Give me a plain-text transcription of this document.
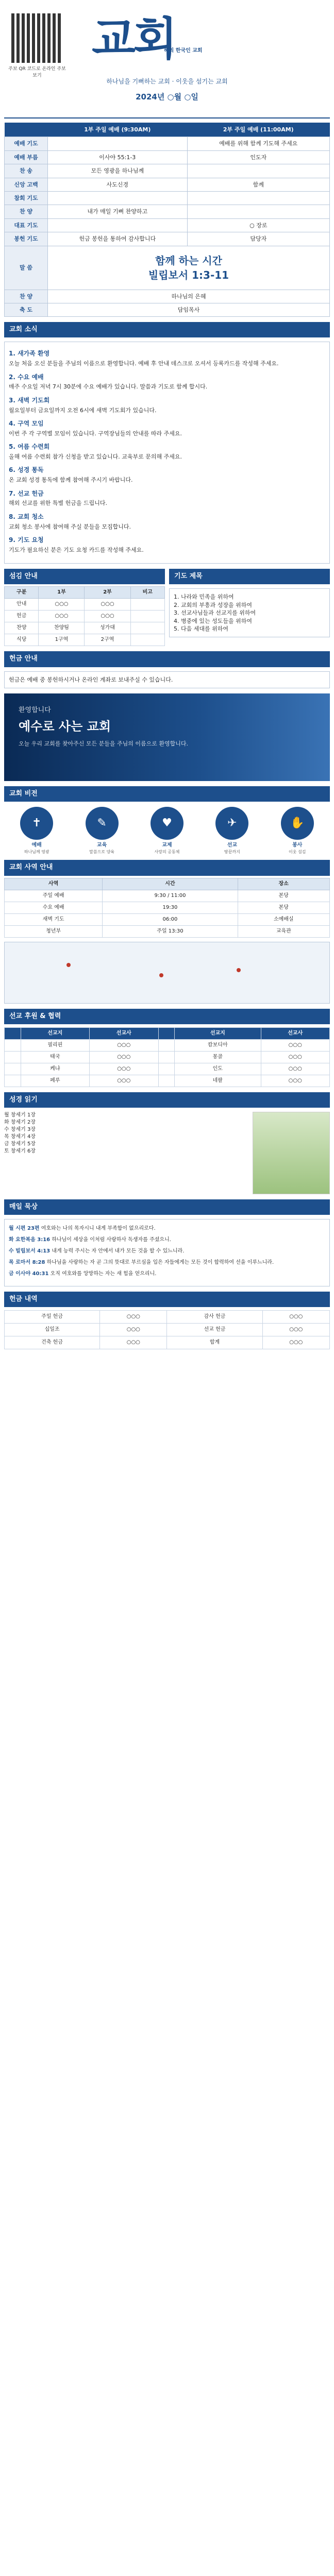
주보 QR 코드로 온라인 주보 보기
교회
해외 한국인 교회
하나님을 기뻐하는 교회 · 이웃을 섬기는 교회
2024년 ○월 ○일
	1부 주일 예배 (9:30AM)	2부 주일 예배 (11:00AM)
예배 기도		예배를 위해 함께 기도해 주세요
예배 부름	이사야 55:1-3	인도자
찬 송	모든 영광을 하나님께	
신앙 고백	사도신경	함께
참회 기도		
찬 양	내가 매일 기뻐 찬양하고	
대표 기도		○ 장로
봉헌 기도	헌금 봉헌을 통하여 감사합니다	담당자
말 씀	함께 하는 시간
빌립보서 1:3-11	

찬 양	하나님의 은혜	
축 도	담임목사	
교회 소식
1. 새가족 환영

오늘 처음 오신 분들을 주님의 이름으로 환영합니다. 예배 후 안내 데스크로 오셔서 등록카드를 작성해 주세요.

2. 수요 예배

매주 수요일 저녁 7시 30분에 수요 예배가 있습니다. 말씀과 기도로 함께 합시다.

3. 새벽 기도회

월요일부터 금요일까지 오전 6시에 새벽 기도회가 있습니다.

4. 구역 모임

이번 주 각 구역별 모임이 있습니다. 구역장님들의 안내를 따라 주세요.

5. 여름 수련회

올해 여름 수련회 참가 신청을 받고 있습니다. 교육부로 문의해 주세요.

6. 성경 통독

온 교회 성경 통독에 함께 참여해 주시기 바랍니다.

7. 선교 헌금

해외 선교를 위한 특별 헌금을 드립니다.

8. 교회 청소

교회 청소 봉사에 참여해 주실 분들을 모집합니다.

9. 기도 요청

기도가 필요하신 분은 기도 요청 카드를 작성해 주세요.

섬김 안내
구분	1부	2부	비고
안내	○○○	○○○	
헌금	○○○	○○○	
찬양	찬양팀	성가대	
식당	1구역	2구역	
기도 제목
1. 나라와 민족을 위하여
2. 교회의 부흥과 성장을 위하여
3. 선교사님들과 선교지를 위하여
4. 병중에 있는 성도들을 위하여
5. 다음 세대를 위하여
헌금 안내
헌금은 예배 중 봉헌하시거나 온라인 계좌로 보내주실 수 있습니다.
환영합니다
예수로 사는 교회
오늘 우리 교회를 찾아주신 모든 분들을 주님의 이름으로 환영합니다.
교회 비전
✝
예배
하나님께 영광
✎
교육
말씀으로 양육
♥
교제
사랑의 공동체
✈
선교
땅끝까지
✋
봉사
이웃 섬김
교회 사역 안내
사역	시간	장소
주일 예배	9:30 / 11:00	본당
수요 예배	19:30	본당
새벽 기도	06:00	소예배실
청년부	주일 13:30	교육관
선교 후원 & 협력
	선교지	선교사		선교지	선교사
	필리핀	○○○		캄보디아	○○○
	태국	○○○		몽골	○○○
	케냐	○○○		인도	○○○
	페루	○○○		네팔	○○○
성경 읽기
월 창세기 1장
화 창세기 2장
수 창세기 3장
목 창세기 4장
금 창세기 5장
토 창세기 6장
매일 묵상

월 시편 23편 여호와는 나의 목자시니 내게 부족함이 없으리로다.

화 요한복음 3:16 하나님이 세상을 이처럼 사랑하사 독생자를 주셨으니.

수 빌립보서 4:13 내게 능력 주시는 자 안에서 내가 모든 것을 할 수 있느니라.

목 로마서 8:28 하나님을 사랑하는 자 곧 그의 뜻대로 부르심을 입은 자들에게는 모든 것이 합력하여 선을 이루느니라.

금 이사야 40:31 오직 여호와를 앙망하는 자는 새 힘을 얻으리니.

헌금 내역
주일 헌금	○○○	감사 헌금	○○○
십일조	○○○	선교 헌금	○○○
건축 헌금	○○○	합계	○○○
